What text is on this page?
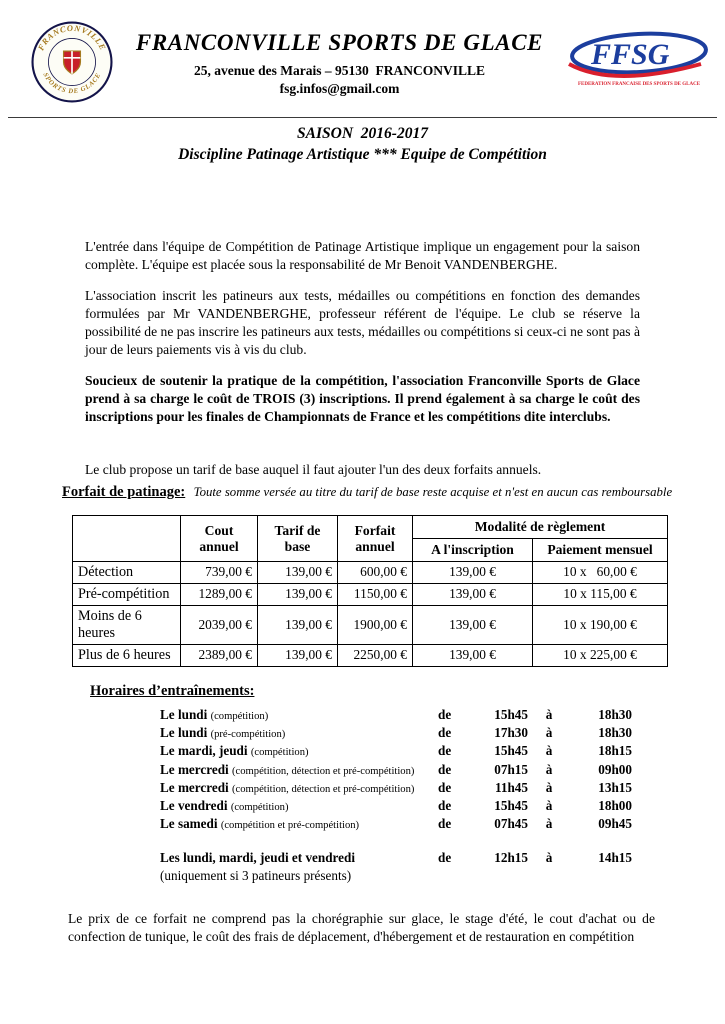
FRANCONVILLE
SPORTS DE GLACE
FRANCONVILLE SPORTS DE GLACE
25, avenue des Marais – 95130  FRANCONVILLE
fsg.infos@gmail.com
FFSG
FEDERATION FRANCAISE DES SPORTS DE GLACE
SAISON  2016-2017
Discipline Patinage Artistique *** Equipe de Compétition

L'entrée dans l'équipe de Compétition de Patinage Artistique implique un engagement pour la saison complète. L'équipe est placée sous la responsabilité de Mr Benoit VANDENBERGHE.

L'association inscrit les patineurs aux tests, médailles ou compétitions en fonction des demandes formulées par Mr VANDENBERGHE, professeur référent de l'équipe. Le club se réserve la possibilité de ne pas inscrire les patineurs aux tests, médailles ou compétitions si ceux-ci ne sont pas à jour de leurs paiements vis à vis du club.

Soucieux de soutenir la pratique de la compétition, l'association Franconville Sports de Glace prend à sa charge le coût de TROIS (3) inscriptions. Il prend également à sa charge le coût des inscriptions pour les finales de Championnats de France et les compétitions dite interclubs.

Le club propose un tarif de base auquel il faut ajouter l'un des deux forfaits annuels.

Forfait de patinage: Toute somme versée au titre du tarif de base reste acquise et n'est en aucun cas remboursable
	Cout annuel	Tarif de base	Forfait annuel	Modalité de règlement	
				A l'inscription	Paiement mensuel
Détection	739,00 €	139,00 €	600,00 €	139,00 €	10 x   60,00 €
Pré-compétition	1289,00 €	139,00 €	1150,00 €	139,00 €	10 x 115,00 €
Moins de 6 heures	2039,00 €	139,00 €	1900,00 €	139,00 €	10 x 190,00 €
Plus de 6 heures	2389,00 €	139,00 €	2250,00 €	139,00 €	10 x 225,00 €
Horaires d’entraînements:
Le lundi (compétition)	de	15h45	à	18h30
Le lundi (pré-compétition)	de	17h30	à	18h30
Le mardi, jeudi (compétition)	de	15h45	à	18h15
Le mercredi (compétition, détection et pré-compétition)	de	07h15	à	09h00
Le mercredi (compétition, détection et pré-compétition)	de	11h45	à	13h15
Le vendredi (compétition)	de	15h45	à	18h00
Le samedi (compétition et pré-compétition)	de	07h45	à	09h45
Les lundi, mardi, jeudi et vendredi	de	12h15	à	14h15
(uniquement si 3 patineurs présents)

Le prix de ce forfait ne comprend pas la chorégraphie sur glace, le stage d'été, le cout d'achat ou de confection de tunique, le coût des frais de déplacement, d'hébergement et de restauration en compétition
